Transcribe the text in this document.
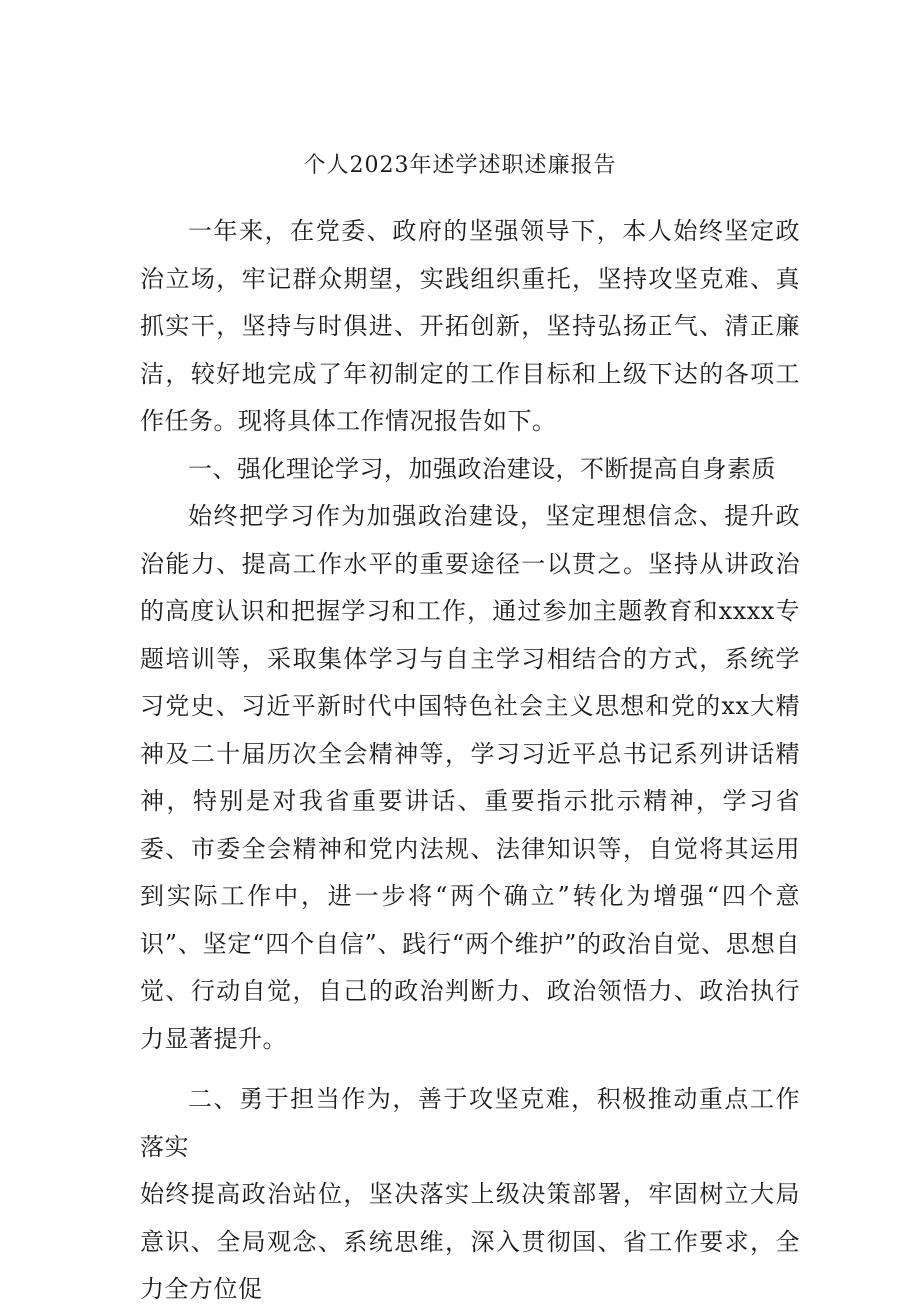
个人2023年述学述职述廉报告

一年来，在党委、政府的坚强领导下，本人始终坚定政治立场，牢记群众期望，实践组织重托，坚持攻坚克难、真抓实干，坚持与时俱进、开拓创新，坚持弘扬正气、清正廉洁，较好地完成了年初制定的工作目标和上级下达的各项工作任务。现将具体工作情况报告如下。

一、强化理论学习，加强政治建设，不断提高自身素质

始终把学习作为加强政治建设，坚定理想信念、提升政治能力、提高工作水平的重要途径一以贯之。坚持从讲政治的高度认识和把握学习和工作，通过参加主题教育和xxxx专题培训等，采取集体学习与自主学习相结合的方式，系统学习党史、习近平新时代中国特色社会主义思想和党的xx大精神及二十届历次全会精神等，学习习近平总书记系列讲话精神，特别是对我省重要讲话、重要指示批示精神，学习省委、市委全会精神和党内法规、法律知识等，自觉将其运用到实际工作中，进一步将“两个确立”转化为增强“四个意识”、坚定“四个自信”、践行“两个维护”的政治自觉、思想自觉、行动自觉，自己的政治判断力、政治领悟力、政治执行力显著提升。

二、勇于担当作为，善于攻坚克难，积极推动重点工作落实

始终提高政治站位，坚决落实上级决策部署，牢固树立大局意识、全局观念、系统思维，深入贯彻国、省工作要求，全力全方位促
